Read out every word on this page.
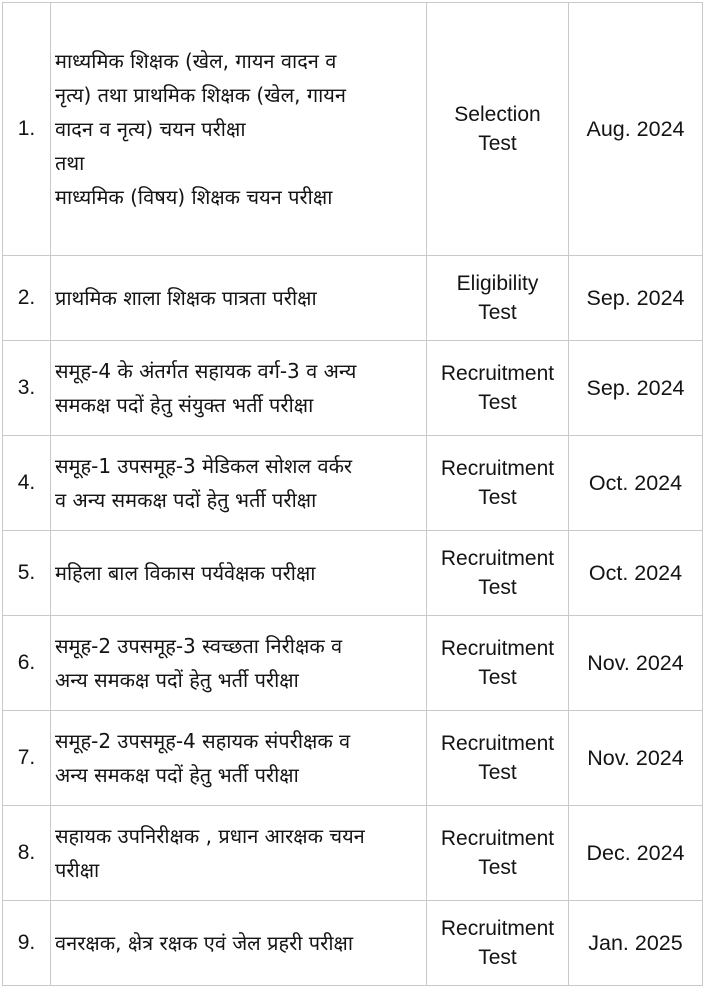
1.	माध्यमिक शिक्षक (खेल, गायन वादन व
नृत्य) तथा प्राथमिक शिक्षक (खेल, गायन
वादन व नृत्य) चयन परीक्षा
तथा
माध्यमिक (विषय) शिक्षक चयन परीक्षा	Selection
Test	Aug. 2024
2.	प्राथमिक शाला शिक्षक पात्रता परीक्षा	Eligibility
Test	Sep. 2024
3.	समूह-4 के अंतर्गत सहायक वर्ग-3 व अन्य
समकक्ष पदों हेतु संयुक्त भर्ती परीक्षा	Recruitment
Test	Sep. 2024
4.	समूह-1 उपसमूह-3 मेडिकल सोशल वर्कर
व अन्य समकक्ष पदों हेतु भर्ती परीक्षा	Recruitment
Test	Oct. 2024
5.	महिला बाल विकास पर्यवेक्षक परीक्षा	Recruitment
Test	Oct. 2024
6.	समूह-2 उपसमूह-3 स्वच्छता निरीक्षक व
अन्य समकक्ष पदों हेतु भर्ती परीक्षा	Recruitment
Test	Nov. 2024
7.	समूह-2 उपसमूह-4 सहायक संपरीक्षक व
अन्य समकक्ष पदों हेतु भर्ती परीक्षा	Recruitment
Test	Nov. 2024
8.	सहायक उपनिरीक्षक , प्रधान आरक्षक चयन
परीक्षा	Recruitment
Test	Dec. 2024
9.	वनरक्षक, क्षेत्र रक्षक एवं जेल प्रहरी परीक्षा	Recruitment
Test	Jan. 2025
